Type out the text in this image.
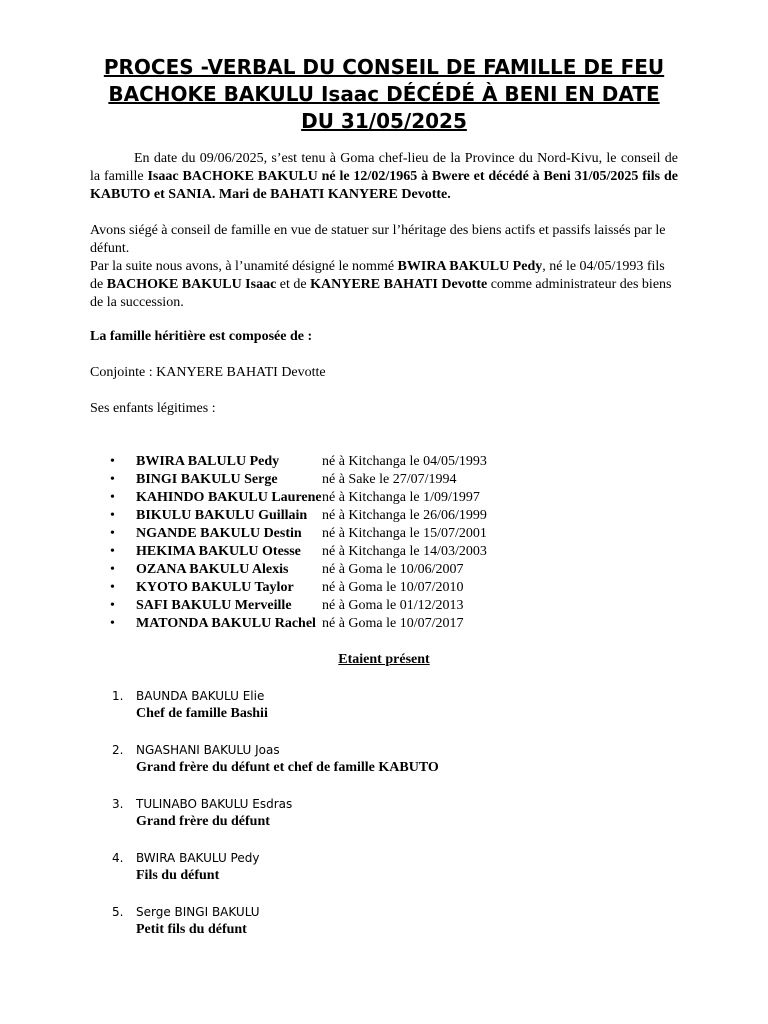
PROCES -VERBAL DU CONSEIL DE FAMILLE DE FEU
BACHOKE BAKULU Isaac DÉCÉDÉ À BENI EN DATE
DU 31/05/2025

En date du 09/06/2025, s’est tenu à Goma chef-lieu de la Province du Nord-Kivu, le conseil de la famille Isaac BACHOKE BAKULU né le 12/02/1965 à Bwere et décédé à Beni 31/05/2025 fils de KABUTO et SANIA. Mari de BAHATI KANYERE Devotte.

Avons siégé à conseil de famille en vue de statuer sur l’héritage des biens actifs et passifs laissés par le défunt.

Par la suite nous avons, à l’unamité désigné le nommé BWIRA BAKULU Pedy, né le 04/05/1993 fils de BACHOKE BAKULU Isaac et de KANYERE BAHATI Devotte comme administrateur des biens de la succession.

La famille héritière est composée de :

Conjointe : KANYERE BAHATI Devotte

Ses enfants légitimes :

• BWIRA BALULU Pedy	né à Kitchanga le 04/05/1993
• BINGI BAKULU Serge	né à Sake le 27/07/1994
• KAHINDO BAKULU Laurene né à Kitchanga le 1/09/1997
• BIKULU BAKULU Guillain né à Kitchanga le 26/06/1999
• NGANDE BAKULU Destin né à Kitchanga le 15/07/2001
• HEKIMA BAKULU Otesse né à Kitchanga le 14/03/2003
• OZANA BAKULU Alexis né à Goma le 10/06/2007
• KYOTO BAKULU Taylor né à Goma le 10/07/2010
• SAFI BAKULU Merveille né à Goma le 01/12/2013
• MATONDA BAKULU Rachel né à Goma le 10/07/2017

Etaient présent

1. BAUNDA BAKULU Elie
Chef de famille Bashii
2. NGASHANI BAKULU Joas
Grand frère du défunt et chef de famille KABUTO
3. TULINABO BAKULU Esdras
Grand frère du défunt
4. BWIRA BAKULU Pedy
Fils du défunt
5. Serge BINGI BAKULU
Petit fils du défunt
